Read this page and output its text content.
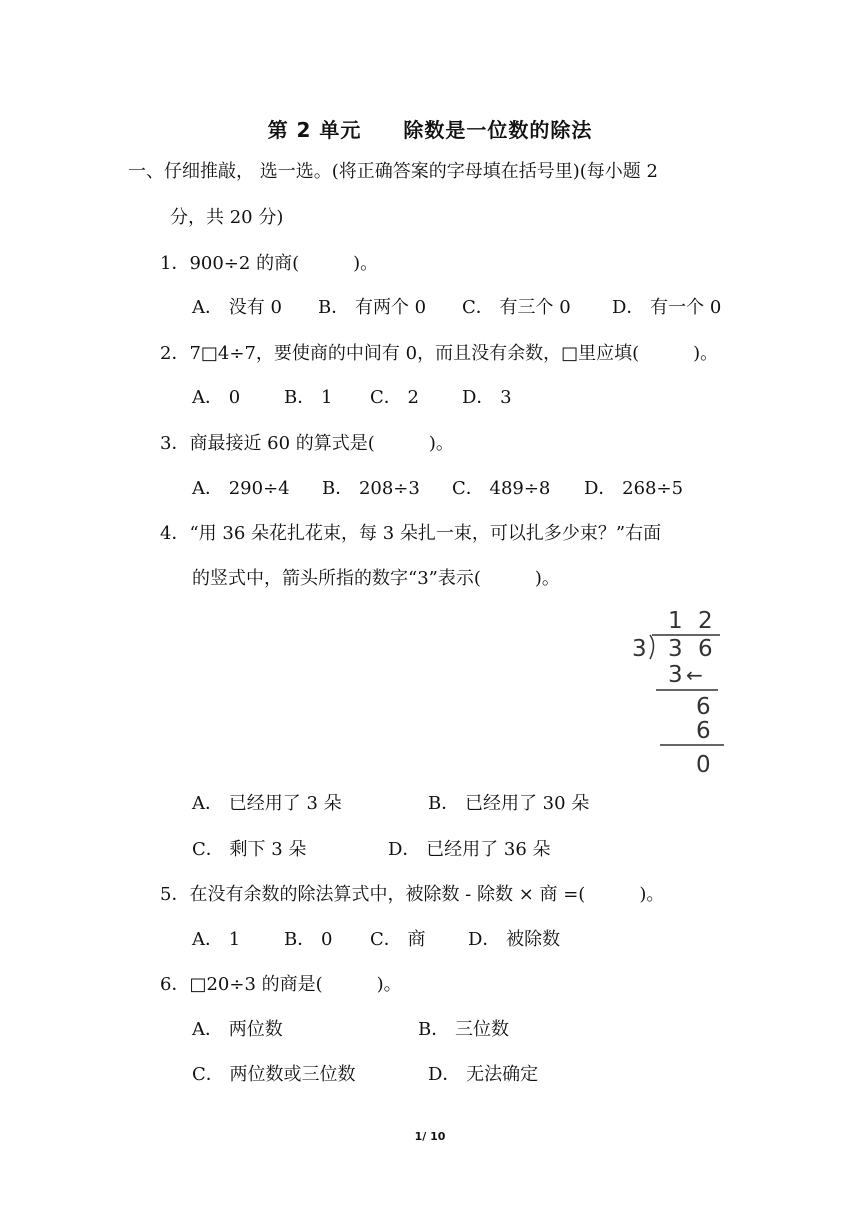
第 2 单元　　除数是一位数的除法
一、仔细推敲， 选一选。(将正确答案的字母填在括号里)(每小题 2
分，共 20 分)
1．900÷2 的商(　　　)。
A． 没有 0 B． 有两个 0 C． 有三个 0 D． 有一个 0
2．7□4÷7，要使商的中间有 0，而且没有余数，□里应填(　　　)。
A． 0 B． 1 C． 2 D． 3
3．商最接近 60 的算式是(　　　)。
A． 290÷4 B． 208÷3 C． 489÷8 D． 268÷5
4．“用 36 朵花扎花束，每 3 朵扎一束，可以扎多少束？”右面
的竖式中，箭头所指的数字“3”表示(　　　)。
1 2
3 3 6
3 ←
6
6
0
A． 已经用了 3 朵	B． 已经用了 30 朵
C． 剩下 3 朵	D． 已经用了 36 朵
5．在没有余数的除法算式中，被除数 - 除数 × 商 =(　　　)。
A． 1 B． 0 C． 商 D． 被除数
6．□20÷3 的商是(　　　)。
A． 两位数	B． 三位数
C． 两位数或三位数	D． 无法确定
1/ 10
